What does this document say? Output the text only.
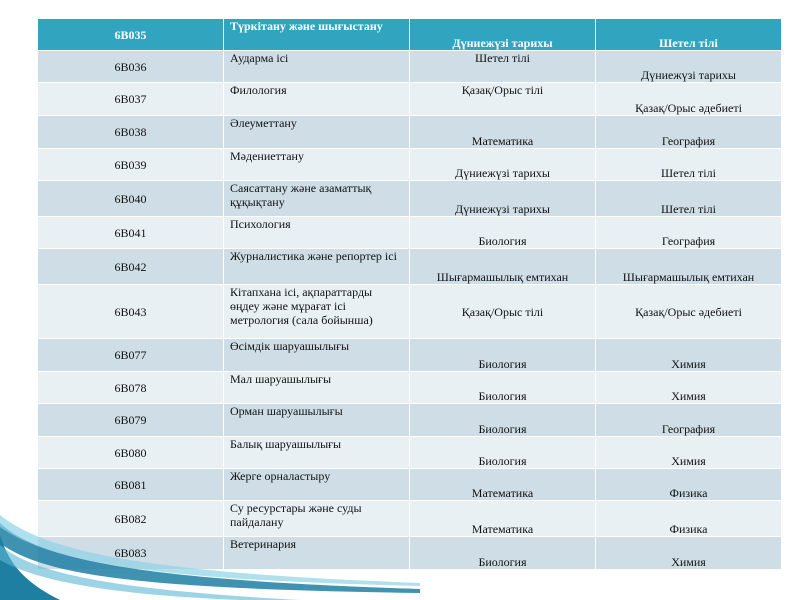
6B035	Түркітану және шығыстану	Дүниежүзі тарихы	Шетел тілі
6B036	Аударма ісі	Шетел тілі	Дүниежүзі тарихы
6B037	Филология	Қазақ/Орыс тілі	Қазақ/Орыс әдебиеті
6B038	Әлеуметтану	Математика	География
6B039	Мәдениеттану	Дүниежүзі тарихы	Шетел тілі
6B040	Саясаттану және азаматтық құқықтану	Дүниежүзі тарихы	Шетел тілі
6B041	Психология	Биология	География
6B042	Журналистика және репортер ісі	Шығармашылық емтихан	Шығармашылық емтихан
6B043	Кітапхана ісі, ақпараттарды өңдеу және мұрағат ісі метрология (сала бойынша)	Қазақ/Орыс тілі	Қазақ/Орыс әдебиеті
6B077	Өсімдік шаруашылығы	Биология	Химия
6B078	Мал шаруашылығы	Биология	Химия
6B079	Орман шаруашылығы	Биология	География
6B080	Балық шаруашылығы	Биология	Химия
6B081	Жерге орналастыру	Математика	Физика
6B082	Су ресурстары және суды пайдалану	Математика	Физика
6B083	Ветеринария	Биология	Химия
